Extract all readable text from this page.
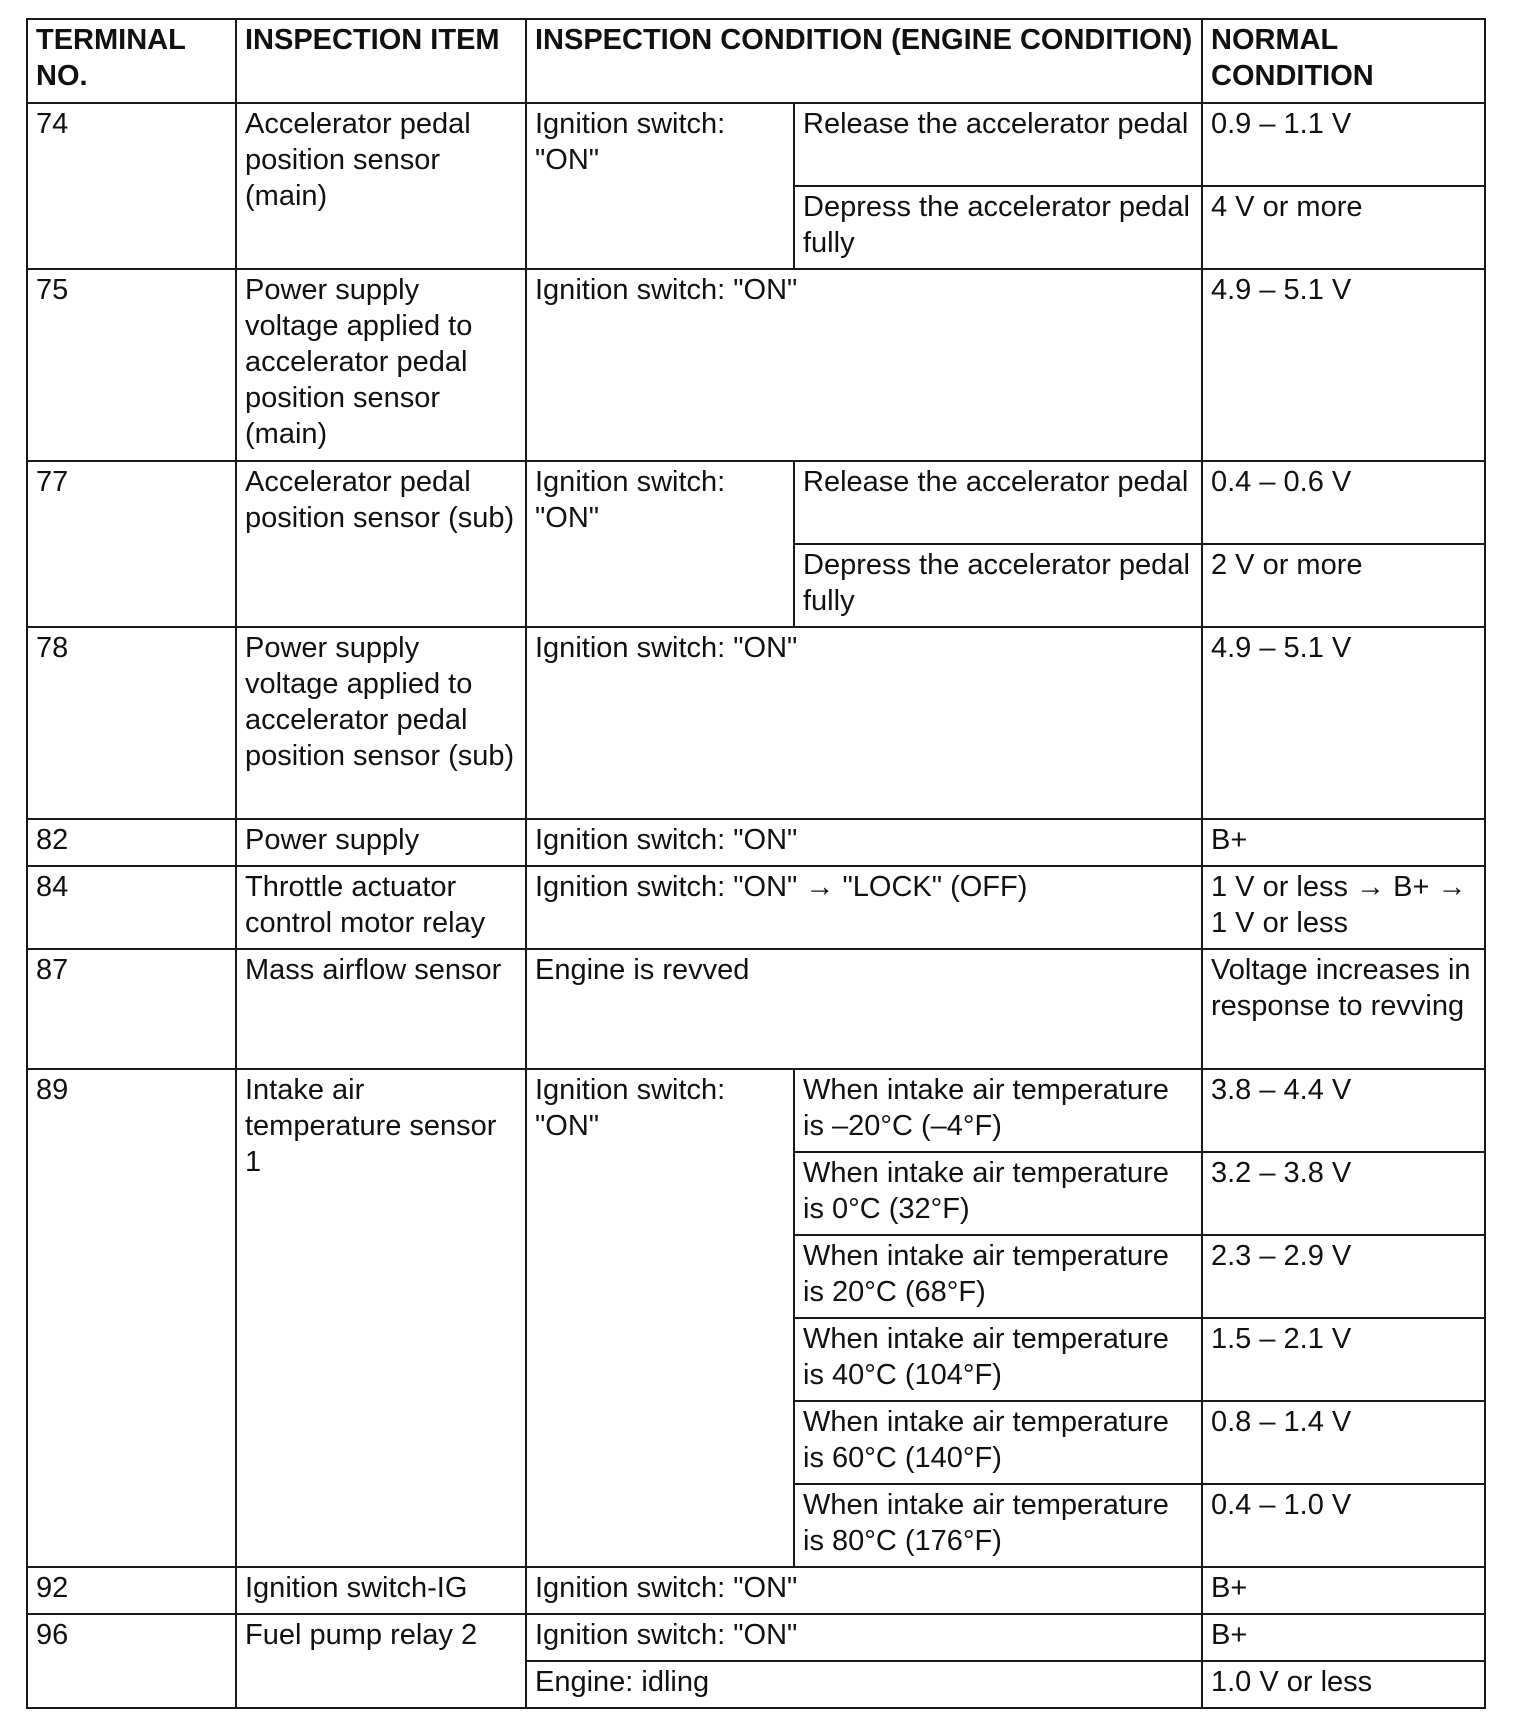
TERMINAL NO.	INSPECTION ITEM	INSPECTION CONDITION (ENGINE CONDITION)		NORMAL CONDITION
74	Accelerator pedal position sensor (main)	Ignition switch: "ON"	Release the accelerator pedal	0.9 – 1.1 V
			Depress the accelerator pedal fully	4 V or more
75	Power supply voltage applied to accelerator pedal position sensor (main)	Ignition switch: "ON"		4.9 – 5.1 V
77	Accelerator pedal position sensor (sub)	Ignition switch: "ON"	Release the accelerator pedal	0.4 – 0.6 V
			Depress the accelerator pedal fully	2 V or more
78	Power supply voltage applied to accelerator pedal position sensor (sub)	Ignition switch: "ON"		4.9 – 5.1 V
82	Power supply	Ignition switch: "ON"		B+
84	Throttle actuator control motor relay	Ignition switch: "ON" → "LOCK" (OFF)		1 V or less → B+ → 1 V or less
87	Mass airflow sensor	Engine is revved		Voltage increases in response to revving
89	Intake air temperature sensor 1	Ignition switch: "ON"	When intake air temperature is –20°C (–4°F)	3.8 – 4.4 V
			When intake air temperature is 0°C (32°F)	3.2 – 3.8 V
			When intake air temperature is 20°C (68°F)	2.3 – 2.9 V
			When intake air temperature is 40°C (104°F)	1.5 – 2.1 V
			When intake air temperature is 60°C (140°F)	0.8 – 1.4 V
			When intake air temperature is 80°C (176°F)	0.4 – 1.0 V
92	Ignition switch-IG	Ignition switch: "ON"		B+
96	Fuel pump relay 2	Ignition switch: "ON"		B+
		Engine: idling		1.0 V or less
